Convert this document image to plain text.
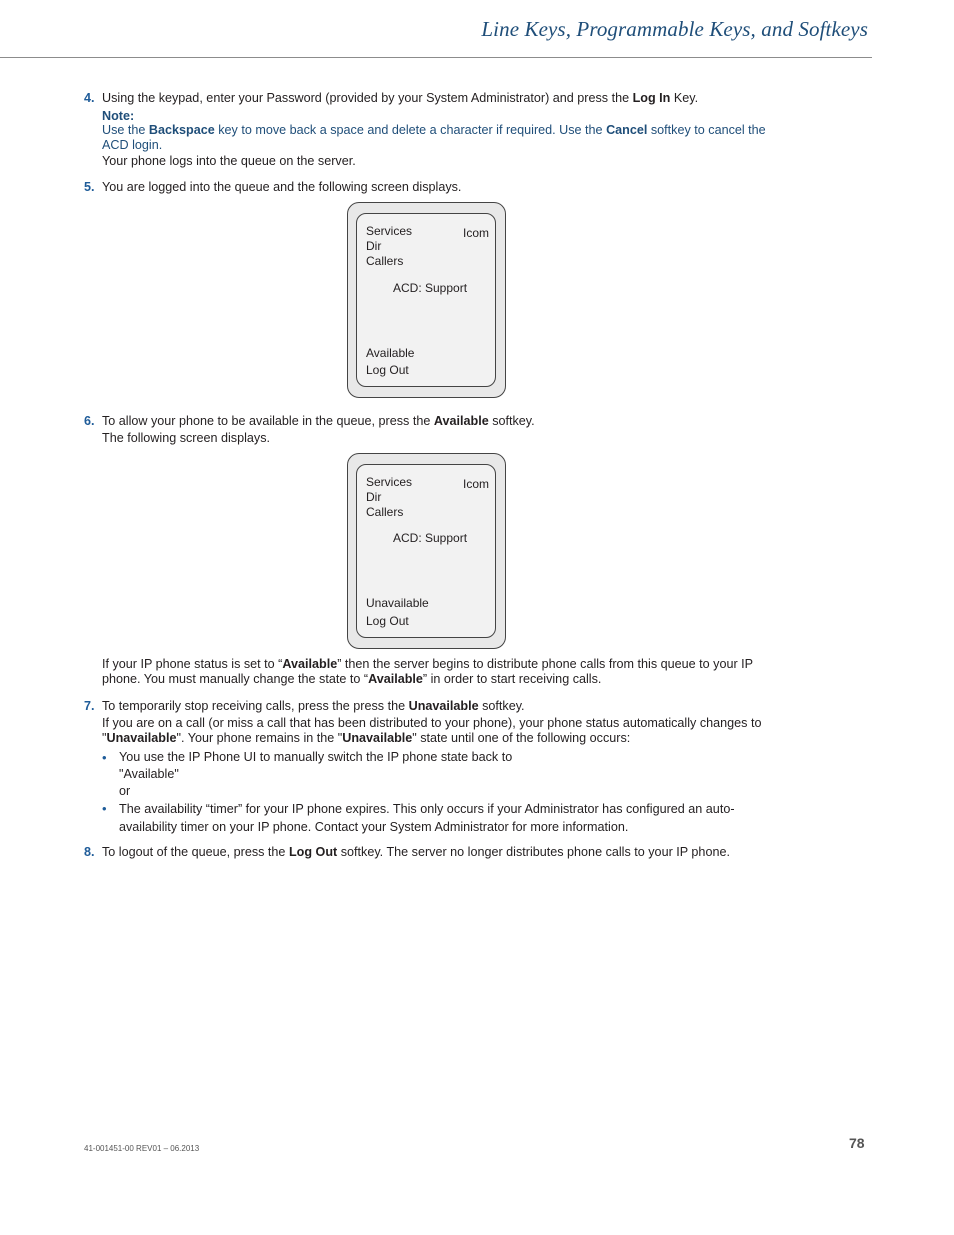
Line Keys, Programmable Keys, and Softkeys
4. Using the keypad, enter your Password (provided by your System Administrator) and press the Log In Key.
Note:
Use the Backspace key to move back a space and delete a character if required. Use the Cancel softkey to cancel the ACD login.
Your phone logs into the queue on the server.
5. You are logged into the queue and the following screen displays.
Services
Dir
Callers
Icom
ACD: Support
Available
Log Out
6. To allow your phone to be available in the queue, press the Available softkey.
The following screen displays.
Services
Dir
Callers
Icom
ACD: Support
Unavailable
Log Out
If your IP phone status is set to “Available” then the server begins to distribute phone calls from this queue to your IP phone. You must manually change the state to “Available” in order to start receiving calls.
7. To temporarily stop receiving calls, press the press the Unavailable softkey.
If you are on a call (or miss a call that has been distributed to your phone), your phone status automatically changes to "Unavailable". Your phone remains in the "Unavailable" state until one of the following occurs:
• You use the IP Phone UI to manually switch the IP phone state back to
"Available"
or
• The availability “timer” for your IP phone expires. This only occurs if your Administrator has configured an auto-availability timer on your IP phone. Contact your System Administrator for more information.
8. To logout of the queue, press the Log Out softkey. The server no longer distributes phone calls to your IP phone.
41-001451-00 REV01 – 06.2013	78
